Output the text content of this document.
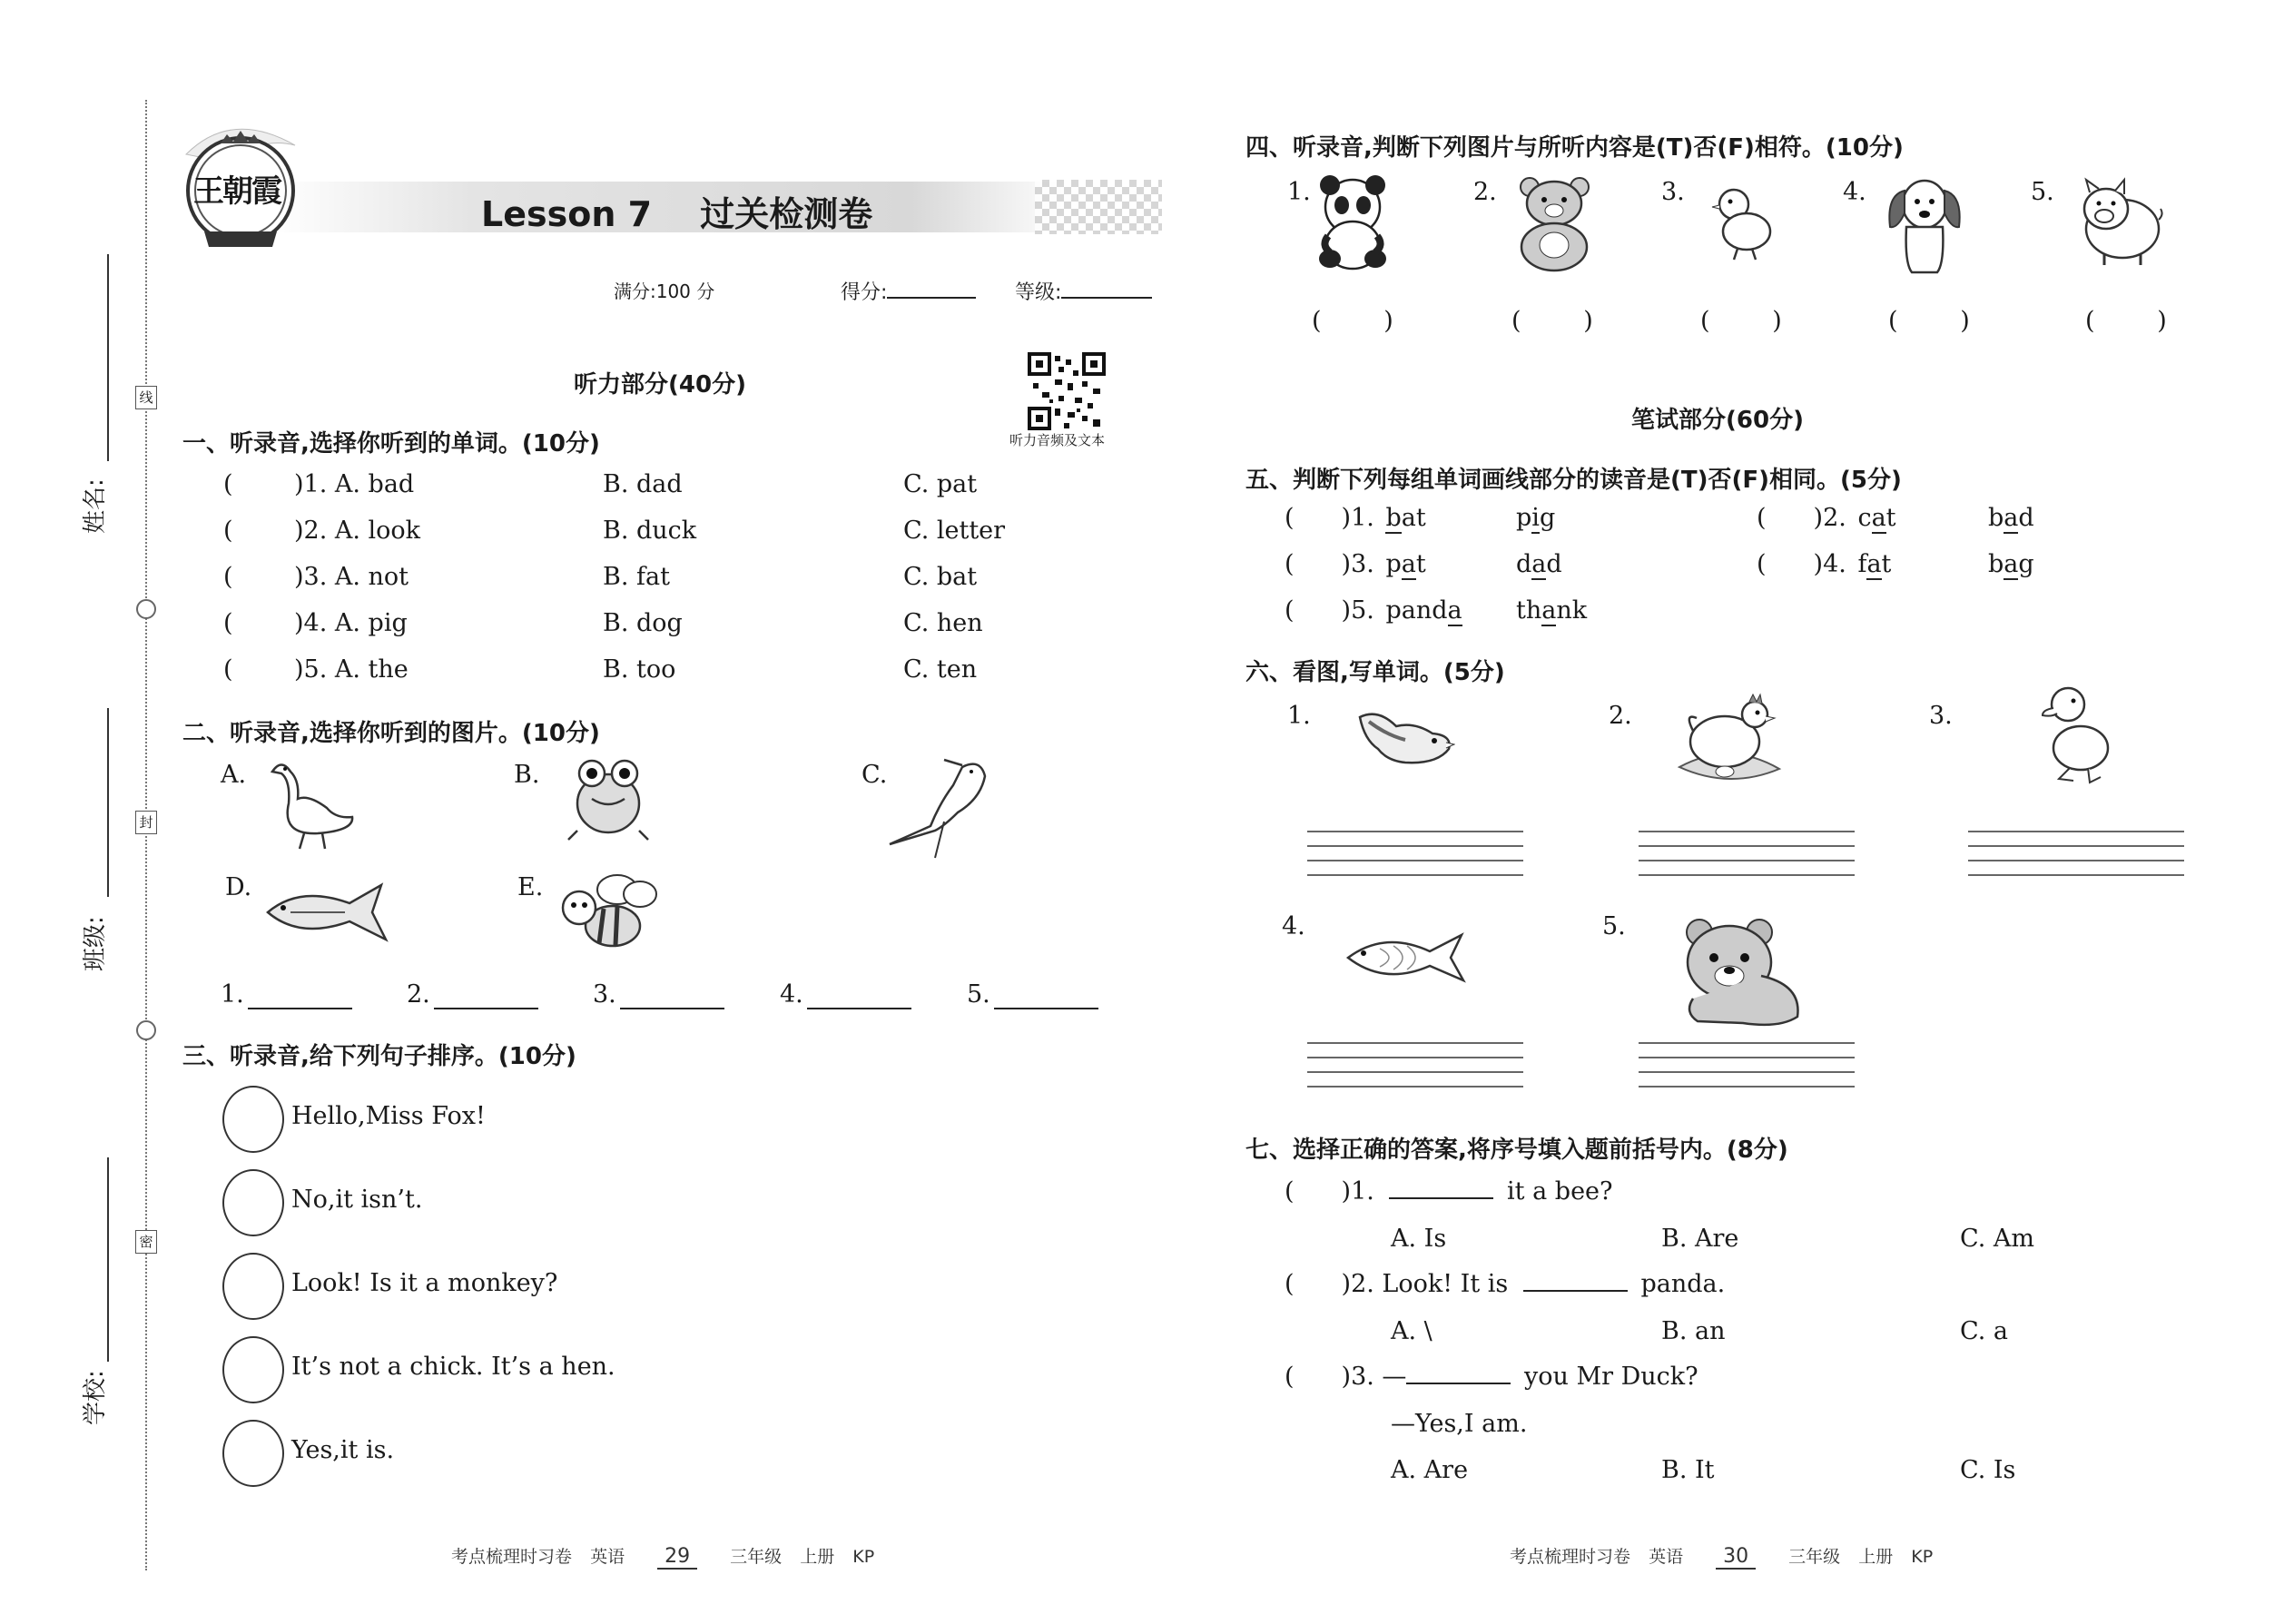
线
封
密
姓名:
班级:
学校:
王朝霞
Lesson 7 过关检测卷
满分:100 分	得分:	等级:
听力部分(40分)
听力音频及文本
一、听录音,选择你听到的单词。(10分)
( )1. A. bad	B. dad	C. pat
( )2. A. look	B. duck	C. letter
( )3. A. not	B. fat	C. bat
( )4. A. pig	B. dog	C. hen
( )5. A. the	B. too	C. ten
二、听录音,选择你听到的图片。(10分)
A.	B.	C.
D.	E.
1.	2.	3.	4.	5.
三、听录音,给下列句子排序。(10分)
Hello,Miss Fox!
No,it isn’t.
Look! Is it a monkey?
It’s not a chick. It’s a hen.
Yes,it is.
考点梳理时习卷 英语 29 三年级 上册 KP
四、听录音,判断下列图片与所听内容是(T)否(F)相符。(10分)
1.	2.	3.	4.	5.
(        )	(        )	(        )	(        )	(        )
笔试部分(60分)
五、判断下列每组单词画线部分的读音是(T)否(F)相同。(5分)
( )1. bat	pig	( )2. cat	bad
( )3. pat	dad	( )4. fat	bag
( )5. panda thank
六、看图,写单词。(5分)
1.	2.	3.
4.	5.
七、选择正确的答案,将序号填入题前括号内。(8分)
( )1.	it a bee?
A. Is	B. Are	C. Am
( )2. Look! It is	panda.
A. \	B. an	C. a
( )3. —	you Mr Duck?
—Yes,I am.
A. Are	B. It	C. Is
考点梳理时习卷 英语 30 三年级 上册 KP
